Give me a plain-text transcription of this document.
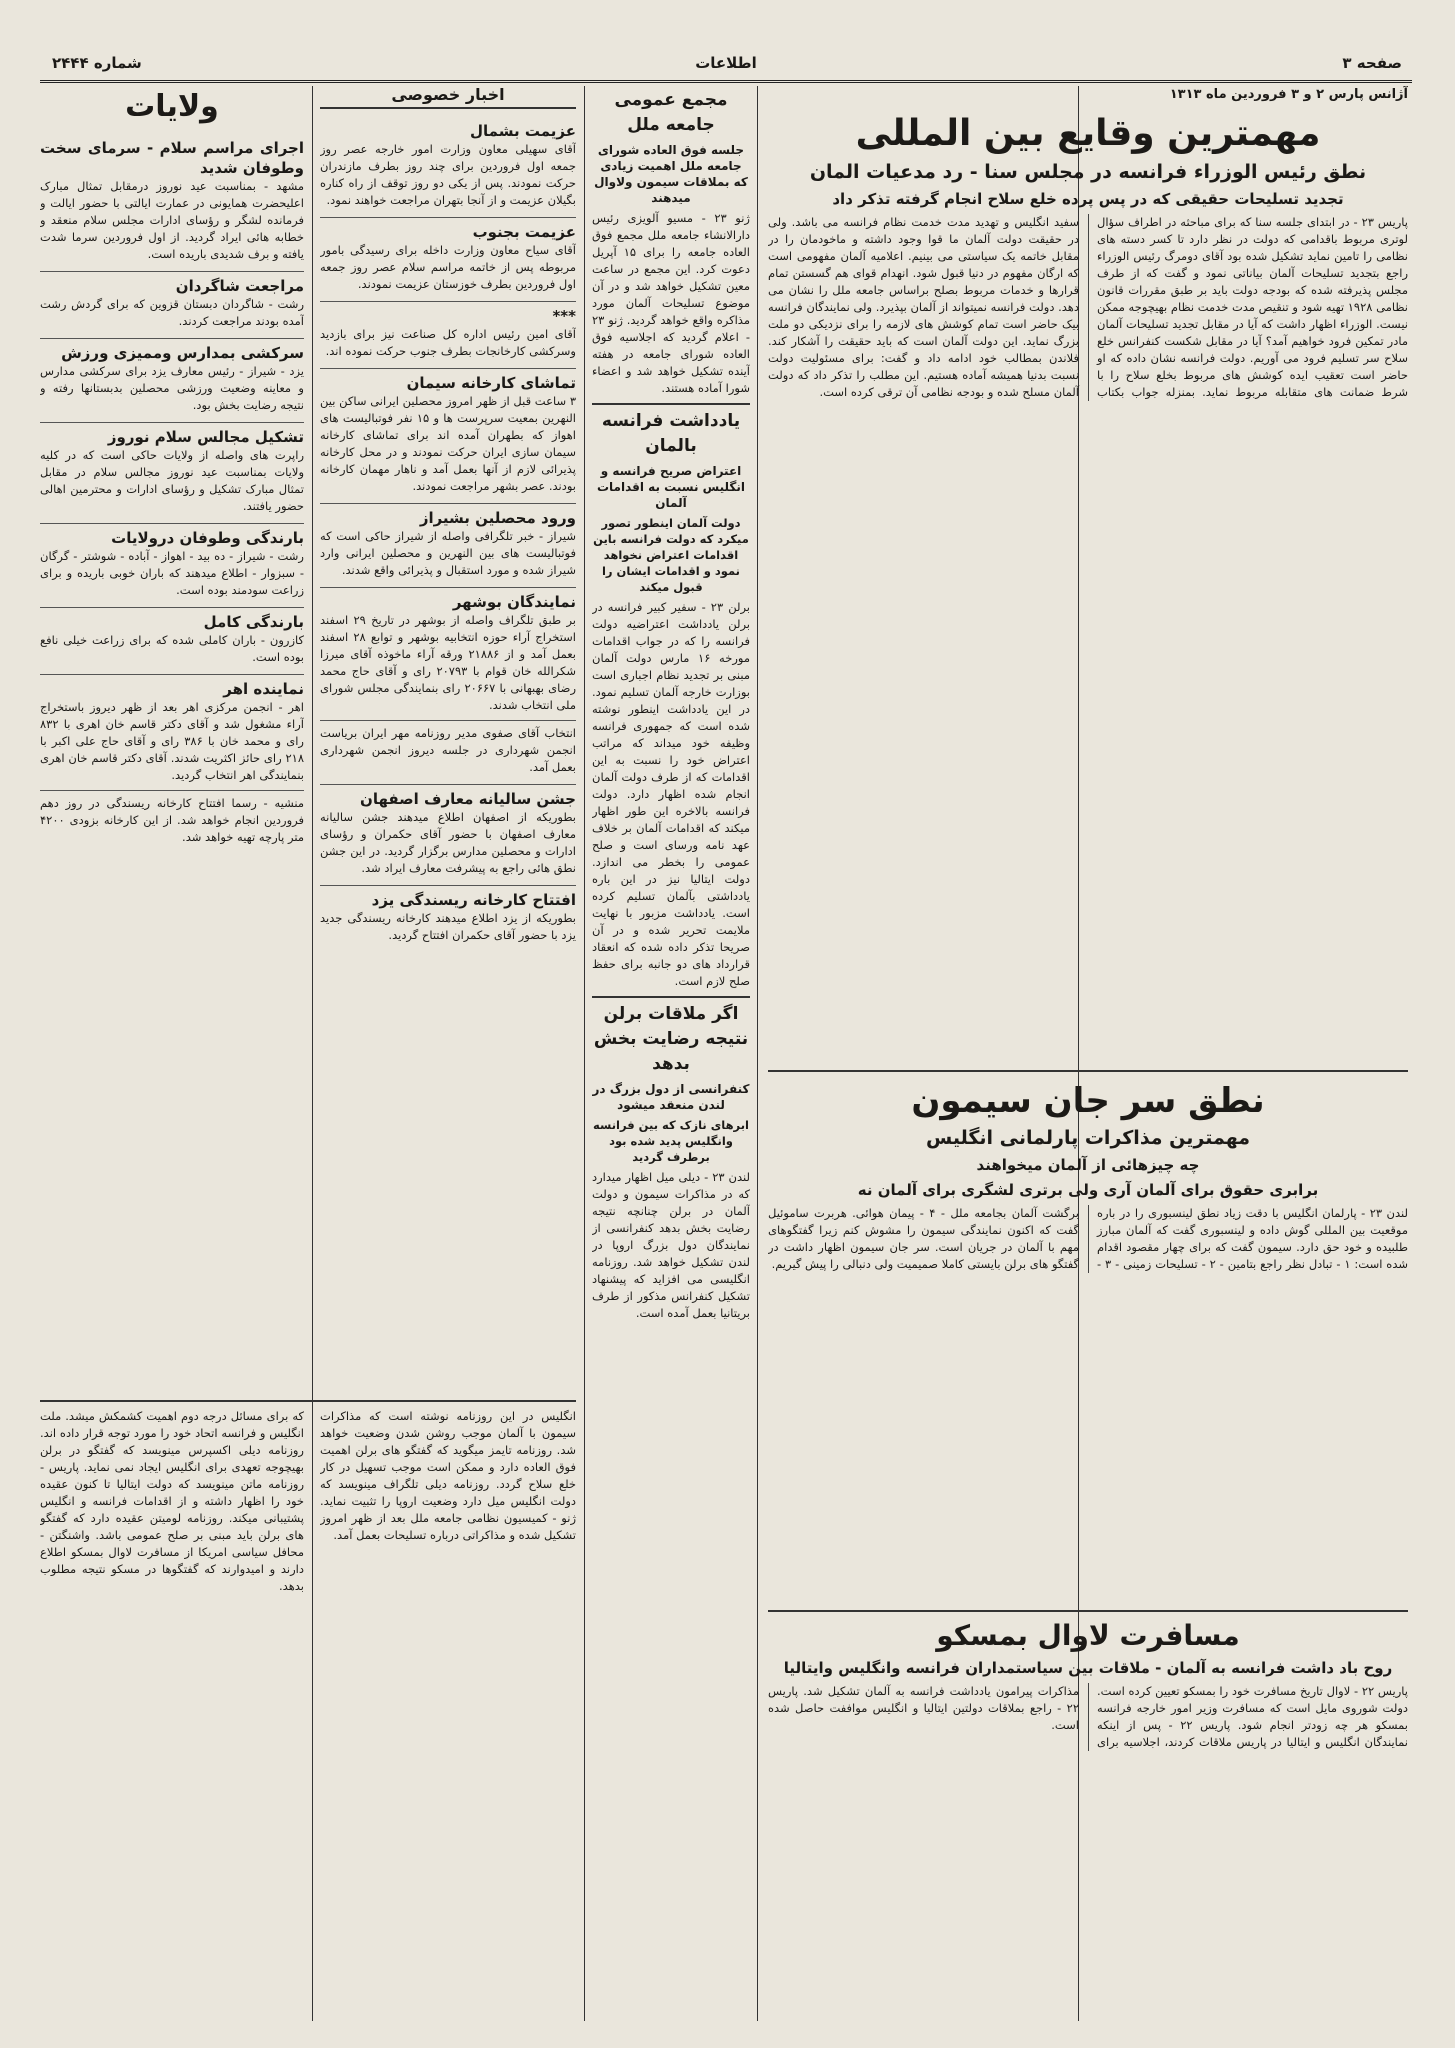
صفحه ۳
اطلاعات
شماره ۲۴۴۴
آژانس پارس ۲ و ۳ فروردین ماه ۱۳۱۳
مهمترین وقایع بین المللی
نطق رئیس الوزراء فرانسه در مجلس سنا - رد مدعیات المان
تجدید تسلیحات حقیقی که در پس پرده خلع سلاح انجام گرفته تذکر داد

پاریس ۲۳ - در ابتدای جلسه سنا که برای مباحثه در اطراف سؤال لوتری مربوط باقدامی که دولت در نظر دارد تا کسر دسته های نظامی را تامین نماید تشکیل شده بود آقای دومرگ رئیس الوزراء راجع بتجدید تسلیحات آلمان بیاناتی نمود و گفت که از طرف مجلس پذیرفته شده که بودجه دولت باید بر طبق مقررات قانون نظامی ۱۹۲۸ تهیه شود و تنقیص مدت خدمت نظام بهیچوجه ممکن نیست. الوزراء اظهار داشت که آیا در مقابل تجدید تسلیحات آلمان مادر تمکین فرود خواهیم آمد؟ آیا در مقابل شکست کنفرانس خلع سلاح سر تسلیم فرود می آوریم. دولت فرانسه نشان داده که او حاضر است تعقیب ایده کوشش های مربوط بخلع سلاح را با شرط ضمانت های متقابله مربوط نماید. بمنزله جواب بکتاب سفید انگلیس و تهدید مدت خدمت نظام فرانسه می باشد. ولی در حقیقت دولت آلمان ما قوا وجود داشته و ماخودمان را در مقابل خاتمه یک سیاستی می بینیم. اعلامیه آلمان مفهومی است که ارگان مفهوم در دنیا قبول شود. انهدام قوای هم گسستن تمام قرارها و خدمات مربوط بصلح براساس جامعه ملل را نشان می دهد. دولت فرانسه نمیتواند از آلمان بپذیرد. ولی نمایندگان فرانسه بیک حاضر است تمام کوشش های لازمه را برای نزدیکی دو ملت بزرگ نماید. این دولت آلمان است که باید حقیقت را آشکار کند. فلاندن بمطالب خود ادامه داد و گفت: برای مسئولیت دولت نسبت بدنیا همیشه آماده هستیم. این مطلب را تذکر داد که دولت آلمان مسلح شده و بودجه نظامی آن ترقی کرده است.

نطق سر جان سیمون
مهمترین مذاکرات پارلمانی انگلیس
چه چیزهائی از آلمان میخواهند
برابری حقوق برای آلمان آری ولی برتری لشگری برای آلمان نه

لندن ۲۳ - پارلمان انگلیس با دقت زیاد نطق لینسبوری را در باره موقعیت بین المللی گوش داده و لینسبوری گفت که آلمان مبارز طلبیده و خود حق دارد. سیمون گفت که برای چهار مقصود اقدام شده است: ۱ - تبادل نظر راجع بتامین - ۲ - تسلیحات زمینی - ۳ - برگشت آلمان بجامعه ملل - ۴ - پیمان هوائی. هربرت ساموئیل گفت که اکنون نمایندگی سیمون را مشوش کنم زیرا گفتگوهای مهم با آلمان در جریان است. سر جان سیمون اظهار داشت در گفتگو های برلن بایستی کاملا صمیمیت ولی دنبالی را پیش گیریم.

مسافرت لاوال بمسکو
روح باد داشت فرانسه به آلمان - ملاقات بین سیاستمداران فرانسه وانگلیس وایتالیا

پاریس ۲۲ - لاوال تاریخ مسافرت خود را بمسکو تعیین کرده است. دولت شوروی مایل است که مسافرت وزیر امور خارجه فرانسه بمسکو هر چه زودتر انجام شود. پاریس ۲۲ - پس از اینکه نمایندگان انگلیس و ایتالیا در پاریس ملاقات کردند، اجلاسیه برای مذاکرات پیرامون یادداشت فرانسه به آلمان تشکیل شد. پاریس ۲۲ - راجع بملاقات دولتین ایتالیا و انگلیس مواففت حاصل شده است.

مجمع عمومی جامعه ملل
جلسه فوق العاده شورای جامعه ملل اهمیت زیادی که بملاقات سیمون ولاوال میدهند

ژنو ۲۳ - مسیو آلویزی رئیس دارالانشاء جامعه ملل مجمع فوق العاده جامعه را برای ۱۵ آپریل دعوت کرد. این مجمع در ساعت معین تشکیل خواهد شد و در آن موضوع تسلیحات آلمان مورد مذاکره واقع خواهد گردید. ژنو ۲۳ - اعلام گردید که اجلاسیه فوق العاده شورای جامعه در هفته آینده تشکیل خواهد شد و اعضاء شورا آماده هستند.

یادداشت فرانسه بالمان
اعتراض صریح فرانسه و انگلیس نسبت به اقدامات آلمان
دولت آلمان اینطور تصور میکرد که دولت فرانسه باین اقدامات اعتراض نخواهد نمود و اقدامات ایشان را قبول میکند

برلن ۲۳ - سفیر کبیر فرانسه در برلن یادداشت اعتراضیه دولت فرانسه را که در جواب اقدامات مورخه ۱۶ مارس دولت آلمان مبنی بر تجدید نظام اجباری است بوزارت خارجه آلمان تسلیم نمود. در این یادداشت اینطور نوشته شده است که جمهوری فرانسه وظیفه خود میداند که مراتب اعتراض خود را نسبت به این اقدامات که از طرف دولت آلمان انجام شده اظهار دارد. دولت فرانسه بالاخره این طور اظهار میکند که اقدامات آلمان بر خلاف عهد نامه ورسای است و صلح عمومی را بخطر می اندازد. دولت ایتالیا نیز در این باره یادداشتی بآلمان تسلیم کرده است. یادداشت مزبور با نهایت ملایمت تحریر شده و در آن صریحا تذکر داده شده که انعقاد قرارداد های دو جانبه برای حفظ صلح لازم است.

اگر ملاقات برلن نتیجه رضایت بخش بدهد
کنفرانسی از دول بزرگ در لندن منعقد میشود
ابرهای نازک که بین فرانسه وانگلیس پدید شده بود برطرف گردید

لندن ۲۳ - دیلی میل اظهار میدارد که در مذاکرات سیمون و دولت آلمان در برلن چنانچه نتیجه رضایت بخش بدهد کنفرانسی از نمایندگان دول بزرگ اروپا در لندن تشکیل خواهد شد. روزنامه انگلیسی می افزاید که پیشنهاد تشکیل کنفرانس مذکور از طرف بریتانیا بعمل آمده است.

اخبار خصوصی
عزیمت بشمال

آقای سهیلی معاون وزارت امور خارجه عصر روز جمعه اول فروردین برای چند روز بطرف مازندران حرکت نمودند. پس از یکی دو روز توقف از راه کناره بگیلان عزیمت و از آنجا بتهران مراجعت خواهند نمود.

عزیمت بجنوب

آقای سیاح معاون وزارت داخله برای رسیدگی بامور مربوطه پس از خاتمه مراسم سلام عصر روز جمعه اول فروردین بطرف خوزستان عزیمت نمودند.

***

آقای امین رئیس اداره کل صناعت نیز برای بازدید وسرکشی کارخانجات بطرف جنوب حرکت نموده اند.

تماشای کارخانه سیمان

۳ ساعت قبل از ظهر امروز محصلین ایرانی ساکن بین النهرین بمعیت سرپرست ها و ۱۵ نفر فوتبالیست های اهواز که بطهران آمده اند برای تماشای کارخانه سیمان سازی ایران حرکت نمودند و در محل کارخانه پذیرائی لازم از آنها بعمل آمد و ناهار مهمان کارخانه بودند. عصر بشهر مراجعت نمودند.

ورود محصلین بشیراز

شیراز - خبر تلگرافی واصله از شیراز حاکی است که فوتبالیست های بین النهرین و محصلین ایرانی وارد شیراز شده و مورد استقبال و پذیرائی واقع شدند.

نمایندگان بوشهر

بر طبق تلگراف واصله از بوشهر در تاریخ ۲۹ اسفند استخراج آراء حوزه انتخابیه بوشهر و توابع ۲۸ اسفند بعمل آمد و از ۲۱۸۸۶ ورقه آراء ماخوذه آقای میرزا شکرالله خان قوام با ۲۰۷۹۳ رای و آقای حاج محمد رضای بهبهانی با ۲۰۶۶۷ رای بنمایندگی مجلس شورای ملی انتخاب شدند.

انتخاب آقای صفوی مدیر روزنامه مهر ایران بریاست انجمن شهرداری در جلسه دیروز انجمن شهرداری بعمل آمد.

جشن سالیانه معارف اصفهان

بطوریکه از اصفهان اطلاع میدهند جشن سالیانه معارف اصفهان با حضور آقای حکمران و رؤسای ادارات و محصلین مدارس برگزار گردید. در این جشن نطق هائی راجع به پیشرفت معارف ایراد شد.

افتتاح کارخانه ریسندگی یزد

بطوریکه از یزد اطلاع میدهند کارخانه ریسندگی جدید یزد با حضور آقای حکمران افتتاح گردید.

ولایات
اجرای مراسم سلام - سرمای سخت وطوفان شدید

مشهد - بمناسبت عید نوروز درمقابل تمثال مبارک اعلیحضرت همایونی در عمارت ایالتی با حضور ایالت و فرمانده لشگر و رؤسای ادارات مجلس سلام منعقد و خطابه هائی ایراد گردید. از اول فروردین سرما شدت یافته و برف شدیدی باریده است.

مراجعت شاگردان

رشت - شاگردان دبستان قزوین که برای گردش رشت آمده بودند مراجعت کردند.

سرکشی بمدارس وممیزی ورزش

یزد - شیراز - رئیس معارف یزد برای سرکشی مدارس و معاینه وضعیت ورزشی محصلین بدبستانها رفته و نتیجه رضایت بخش بود.

تشکیل مجالس سلام نوروز

راپرت های واصله از ولایات حاکی است که در کلیه ولایات بمناسبت عید نوروز مجالس سلام در مقابل تمثال مبارک تشکیل و رؤسای ادارات و محترمین اهالی حضور یافتند.

بارندگی وطوفان درولایات

رشت - شیراز - ده بید - اهواز - آباده - شوشتر - گرگان - سبزوار - اطلاع میدهند که باران خوبی باریده و برای زراعت سودمند بوده است.

بارندگی کامل

کازرون - باران کاملی شده که برای زراعت خیلی نافع بوده است.

نماینده اهر

اهر - انجمن مرکزی اهر بعد از ظهر دیروز باستخراج آراء مشغول شد و آقای دکتر قاسم خان اهری با ۸۳۲ رای و محمد خان با ۳۸۶ رای و آقای حاج علی اکبر با ۲۱۸ رای حائز اکثریت شدند. آقای دکتر قاسم خان اهری بنمایندگی اهر انتخاب گردید.

منشیه - رسما افتتاح کارخانه ریسندگی در روز دهم فروردین انجام خواهد شد. از این کارخانه بزودی ۴۲۰۰ متر پارچه تهیه خواهد شد.

انگلیس در این روزنامه نوشته است که مذاکرات سیمون با آلمان موجب روشن شدن وضعیت خواهد شد. روزنامه تایمز میگوید که گفتگو های برلن اهمیت فوق العاده دارد و ممکن است موجب تسهیل در کار خلع سلاح گردد. روزنامه دیلی تلگراف مینویسد که دولت انگلیس میل دارد وضعیت اروپا را تثبیت نماید. ژنو - کمیسیون نظامی جامعه ملل بعد از ظهر امروز تشکیل شده و مذاکراتی درباره تسلیحات بعمل آمد.

که برای مسائل درجه دوم اهمیت کشمکش میشد. ملت انگلیس و فرانسه اتحاد خود را مورد توجه قرار داده اند. روزنامه دیلی اکسپرس مینویسد که گفتگو در برلن بهیچوجه تعهدی برای انگلیس ایجاد نمی نماید. پاریس - روزنامه ماتن مینویسد که دولت ایتالیا تا کنون عقیده خود را اظهار داشته و از اقدامات فرانسه و انگلیس پشتیبانی میکند. روزنامه لومیتن عقیده دارد که گفتگو های برلن باید مبنی بر صلح عمومی باشد. واشنگتن - محافل سیاسی امریکا از مسافرت لاوال بمسکو اطلاع دارند و امیدوارند که گفتگوها در مسکو نتیجه مطلوب بدهد.
